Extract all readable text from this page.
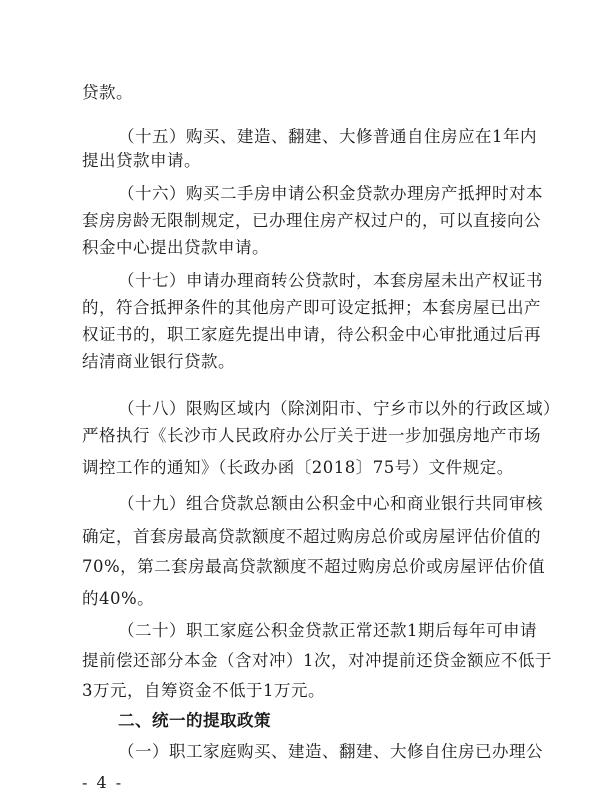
贷款。
（十五）购买、建造、翻建、大修普通自住房应在1年内
提出贷款申请。
（十六）购买二手房申请公积金贷款办理房产抵押时对本
套房房龄无限制规定，已办理住房产权过户的，可以直接向公
积金中心提出贷款申请。
（十七）申请办理商转公贷款时，本套房屋未出产权证书
的，符合抵押条件的其他房产即可设定抵押；本套房屋已出产
权证书的，职工家庭先提出申请，待公积金中心审批通过后再
结清商业银行贷款。
（十八）限购区域内（除浏阳市、宁乡市以外的行政区域）
严格执行《长沙市人民政府办公厅关于进一步加强房地产市场
调控工作的通知》（长政办函〔2018〕75号）文件规定。
（十九）组合贷款总额由公积金中心和商业银行共同审核
确定，首套房最高贷款额度不超过购房总价或房屋评估价值的
70%，第二套房最高贷款额度不超过购房总价或房屋评估价值
的40%。
（二十）职工家庭公积金贷款正常还款1期后每年可申请
提前偿还部分本金（含对冲）1次，对冲提前还贷金额应不低于
3万元，自筹资金不低于1万元。
二、统一的提取政策
（一）职工家庭购买、建造、翻建、大修自住房已办理公
- 4 -
